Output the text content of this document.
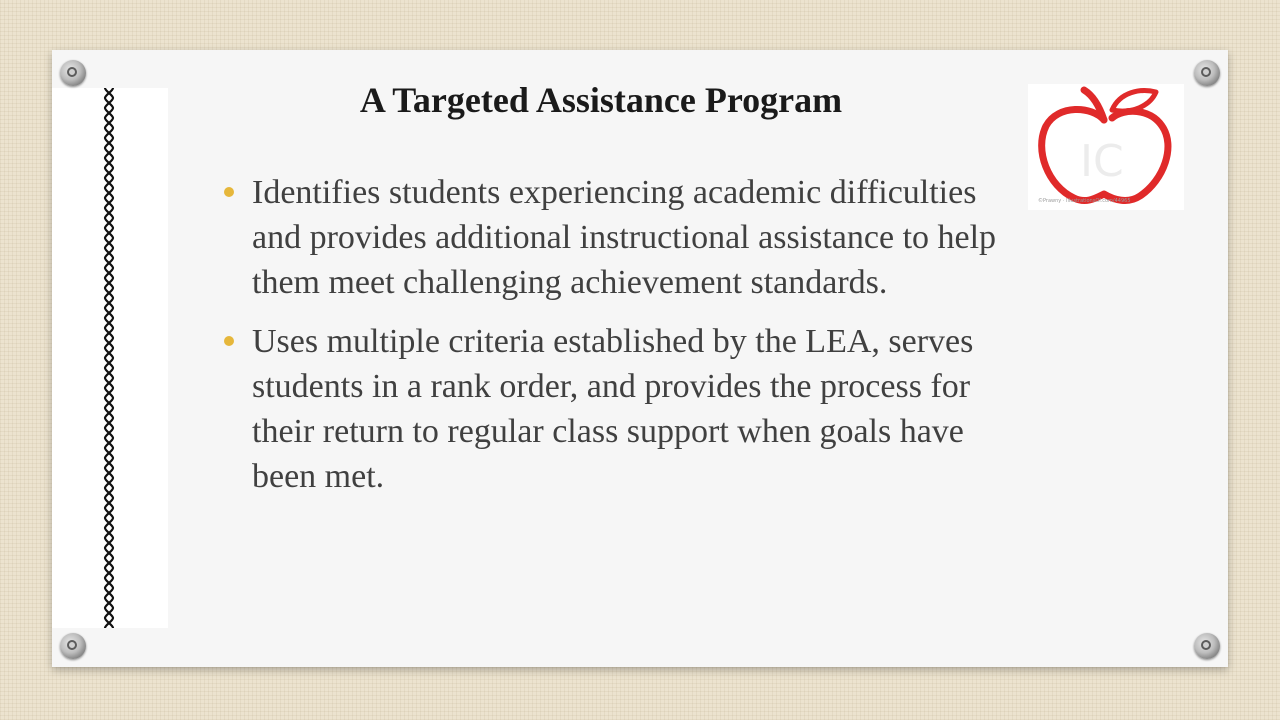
A Targeted Assistance Program
Identifies students experiencing academic difficulties and provides additional instructional assistance to help them meet challenging achievement standards.
Uses multiple criteria established by the LEA, serves students in a rank order, and provides the process for their return to regular class support when goals have been met.
IC
©Prawny · IllustrationsOf.com/44965
